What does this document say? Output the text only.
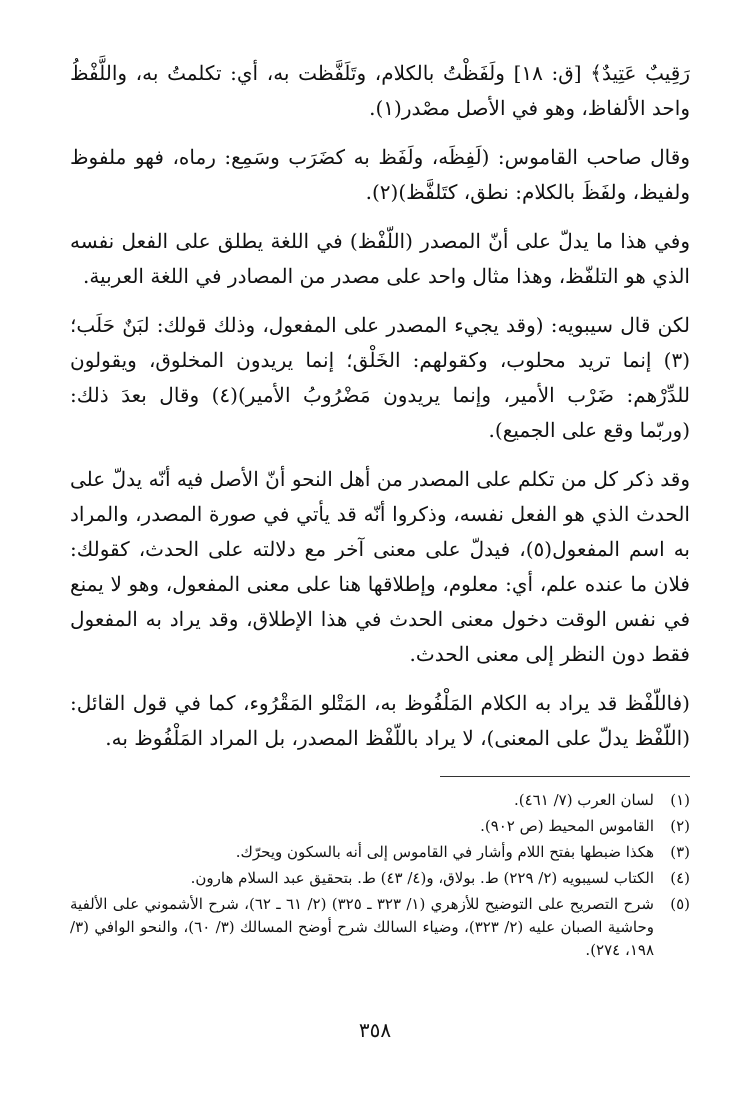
رَقِيبٌ عَتِيدٌ﴾ [ق: ١٨] ولَفَظْتُ بالكلام، وتَلَفَّظت به، أي: تكلمتُ به، واللَّفْظُ واحد الألفاظ، وهو في الأصل مصْدر(١).

وقال صاحب القاموس: (لَفِظَه، ولَفَظ به كضَرَب وسَمِع: رماه، فهو ملفوظ ولفيظ، ولفَظَ بالكلام: نطق، كتَلفَّظ)(٢).

وفي هذا ما يدلّ على أنّ المصدر (اللّفْظ) في اللغة يطلق على الفعل نفسه الذي هو التلفّظ، وهذا مثال واحد على مصدر من المصادر في اللغة العربية.

لكن قال سيبويه: (وقد يجيء المصدر على المفعول، وذلك قولك: لبَنٌ حَلَب؛(٣) إنما تريد محلوب، وكقولهم: الخَلْق؛ إنما يريدون المخلوق، ويقولون للدِّرْهم: ضَرْب الأمير، وإنما يريدون مَضْرُوبُ الأمير)(٤) وقال بعدَ ذلك: (وربّما وقع على الجميع).

وقد ذكر كل من تكلم على المصدر من أهل النحو أنّ الأصل فيه أنّه يدلّ على الحدث الذي هو الفعل نفسه، وذكروا أنّه قد يأتي في صورة المصدر، والمراد به اسم المفعول(٥)، فيدلّ على معنى آخر مع دلالته على الحدث، كقولك: فلان ما عنده علم، أي: معلوم، وإطلاقها هنا على معنى المفعول، وهو لا يمنع في نفس الوقت دخول معنى الحدث في هذا الإطلاق، وقد يراد به المفعول فقط دون النظر إلى معنى الحدث.

(فاللّفْظ قد يراد به الكلام المَلْفُوظ به، المَتْلو المَقْرُوء، كما في قول القائل: (اللّفْظ يدلّ على المعنى)، لا يراد باللّفْظ المصدر، بل المراد المَلْفُوظ به.

(١)
لسان العرب (٧/ ٤٦١).
(٢)
القاموس المحيط (ص ٩٠٢).
(٣)
هكذا ضبطها بفتح اللام وأشار في القاموس إلى أنه بالسكون ويحرّك.
(٤)
الكتاب لسيبويه (٢/ ٢٢٩) ط. بولاق، و(٤/ ٤٣) ط. بتحقيق عبد السلام هارون.
(٥)
شرح التصريح على التوضيح للأزهري (١/ ٣٢٣ ـ ٣٢٥) (٢/ ٦١ ـ ٦٢)، شرح الأشموني على الألفية وحاشية الصبان عليه (٢/ ٣٢٣)، وضياء السالك شرح أوضح المسالك (٣/ ٦٠)، والنحو الوافي (٣/ ١٩٨، ٢٧٤).
٣٥٨
